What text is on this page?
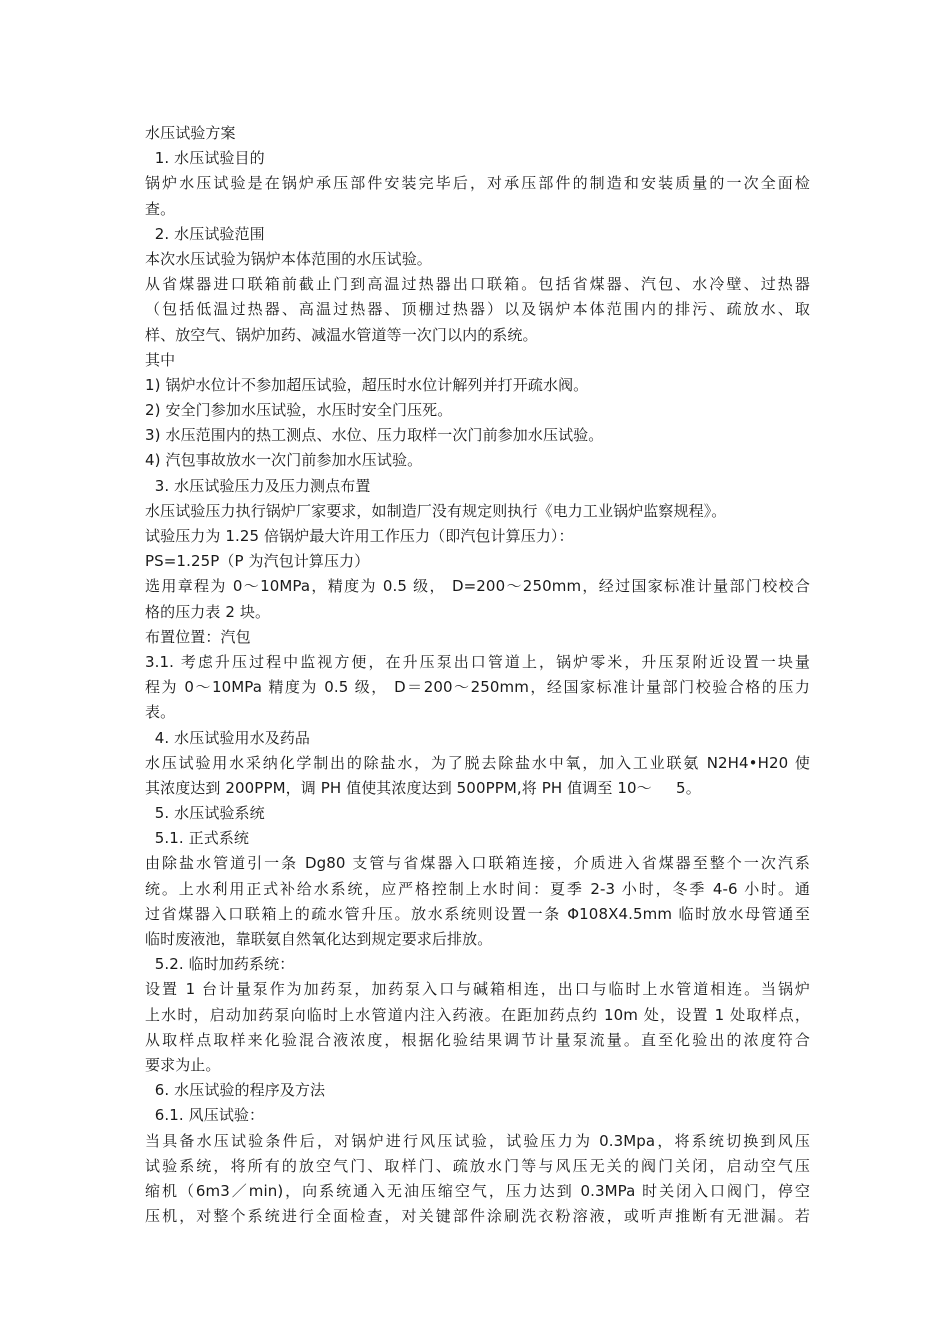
水压试验方案
1. 水压试验目的
锅炉水压试验是在锅炉承压部件安装完毕后，对承压部件的制造和安装质量的一次全面检
查。
2. 水压试验范围
本次水压试验为锅炉本体范围的水压试验。
从省煤器进口联箱前截止门到高温过热器出口联箱。包括省煤器、汽包、水冷壁、过热器
（包括低温过热器、高温过热器、顶棚过热器）以及锅炉本体范围内的排污、疏放水、取
样、放空气、锅炉加药、减温水管道等一次门以内的系统。
其中
1) 锅炉水位计不参加超压试验，超压时水位计解列并打开疏水阀。
2) 安全门参加水压试验，水压时安全门压死。
3) 水压范围内的热工测点、水位、压力取样一次门前参加水压试验。
4) 汽包事故放水一次门前参加水压试验。
3. 水压试验压力及压力测点布置
水压试验压力执行锅炉厂家要求，如制造厂没有规定则执行《电力工业锅炉监察规程》。
试验压力为 1.25 倍锅炉最大许用工作压力（即汽包计算压力）：
PS=1.25P（P 为汽包计算压力）
选用章程为 0～10MPa，精度为 0.5 级， D=200～250mm，经过国家标准计量部门校校合
格的压力表 2 块。
布置位置：汽包
3.1. 考虑升压过程中监视方便，在升压泵出口管道上，锅炉零米，升压泵附近设置一块量
程为 0～10MPa 精度为 0.5 级， D＝200～250mm，经国家标准计量部门校验合格的压力
表。
4. 水压试验用水及药品
水压试验用水采纳化学制出的除盐水，为了脱去除盐水中氧，加入工业联氨 N2H4•H20 使
其浓度达到 200PPM，调 PH 值使其浓度达到 500PPM,将 PH 值调至 10～     5。
5. 水压试验系统
5.1. 正式系统
由除盐水管道引一条 Dg80 支管与省煤器入口联箱连接，介质进入省煤器至整个一次汽系
统。上水利用正式补给水系统，应严格控制上水时间：夏季 2-3 小时，冬季 4-6 小时。通
过省煤器入口联箱上的疏水管升压。放水系统则设置一条 Φ108X4.5mm 临时放水母管通至
临时废液池，靠联氨自然氧化达到规定要求后排放。
5.2. 临时加药系统：
设置 1 台计量泵作为加药泵，加药泵入口与碱箱相连，出口与临时上水管道相连。当锅炉
上水时，启动加药泵向临时上水管道内注入药液。在距加药点约 10m 处，设置 1 处取样点，
从取样点取样来化验混合液浓度，根据化验结果调节计量泵流量。直至化验出的浓度符合
要求为止。
6. 水压试验的程序及方法
6.1. 风压试验：
当具备水压试验条件后，对锅炉进行风压试验，试验压力为 0.3Mpa，将系统切换到风压
试验系统，将所有的放空气门、取样门、疏放水门等与风压无关的阀门关闭，启动空气压
缩机（6m3／min)，向系统通入无油压缩空气，压力达到 0.3MPa 时关闭入口阀门，停空
压机，对整个系统进行全面检查，对关键部件涂刷洗衣粉溶液，或听声推断有无泄漏。若
